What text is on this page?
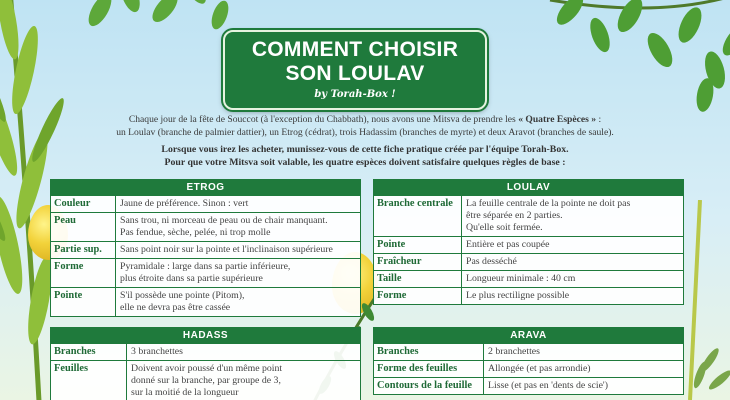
COMMENT CHOISIR
SON LOULAV
by Torah-Box !
Chaque jour de la fête de Souccot (à l'exception du Chabbath), nous avons une Mitsva de prendre les « Quatre Espèces » :
un Loulav (branche de palmier dattier), un Etrog (cédrat), trois Hadassim (branches de myrte) et deux Aravot (branches de saule).
Lorsque vous irez les acheter, munissez-vous de cette fiche pratique créée par l'équipe Torah-Box.
Pour que votre Mitsva soit valable, les quatre espèces doivent satisfaire quelques règles de base :
ETROG
Couleur	Jaune de préférence. Sinon : vert
Peau	Sans trou, ni morceau de peau ou de chair manquant.
Pas fendue, sèche, pelée, ni trop molle
Partie sup.	Sans point noir sur la pointe et l'inclinaison supérieure
Forme	Pyramidale : large dans sa partie inférieure,
plus étroite dans sa partie supérieure
Pointe	S'il possède une pointe (Pitom),
elle ne devra pas être cassée
LOULAV
Branche centrale	La feuille centrale de la pointe ne doit pas
être séparée en 2 parties.
Qu'elle soit fermée.
Pointe	Entière et pas coupée
Fraîcheur	Pas desséché
Taille	Longueur minimale : 40 cm
Forme	Le plus rectiligne possible
HADASS
Branches	3 branchettes
Feuilles	Doivent avoir poussé d'un même point
donné sur la branche, par groupe de 3,
sur la moitié de la longueur
ARAVA
Branches	2 branchettes
Forme des feuilles	Allongée (et pas arrondie)
Contours de la feuille	Lisse (et pas en 'dents de scie')
